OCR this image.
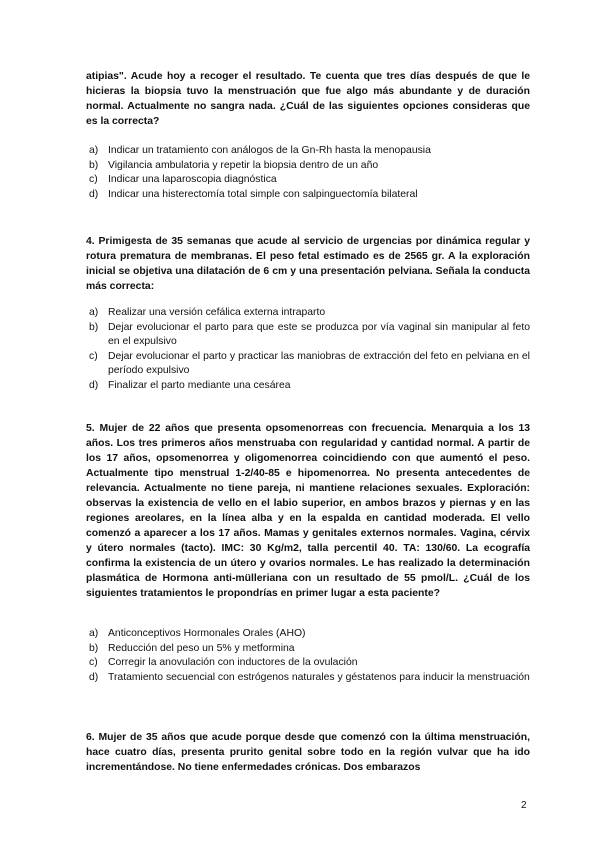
atipias". Acude hoy a recoger el resultado. Te cuenta que tres días después de que le hicieras la biopsia tuvo la menstruación que fue algo más abundante y de duración normal. Actualmente no sangra nada. ¿Cuál de las siguientes opciones consideras que es la correcta?
a) Indicar un tratamiento con análogos de la Gn-Rh hasta la menopausia
b) Vigilancia ambulatoria y repetir la biopsia dentro de un año
c) Indicar una laparoscopia diagnóstica
d) Indicar una histerectomía total simple con salpinguectomía bilateral
4. Primigesta de 35 semanas que acude al servicio de urgencias por dinámica regular y rotura prematura de membranas. El peso fetal estimado es de 2565 gr. A la exploración inicial se objetiva una dilatación de 6 cm y una presentación pelviana. Señala la conducta más correcta:
a) Realizar una versión cefálica externa intraparto
b) Dejar evolucionar el parto para que este se produzca por vía vaginal sin manipular al feto en el expulsivo
c) Dejar evolucionar el parto y practicar las maniobras de extracción del feto en pelviana en el período expulsivo
d) Finalizar el parto mediante una cesárea
5. Mujer de 22 años que presenta opsomenorreas con frecuencia. Menarquia a los 13 años. Los tres primeros años menstruaba con regularidad y cantidad normal. A partir de los 17 años, opsomenorrea y oligomenorrea coincidiendo con que aumentó el peso. Actualmente tipo menstrual 1-2/40-85 e hipomenorrea. No presenta antecedentes de relevancia. Actualmente no tiene pareja, ni mantiene relaciones sexuales. Exploración: observas la existencia de vello en el labio superior, en ambos brazos y piernas y en las regiones areolares, en la línea alba y en la espalda en cantidad moderada. El vello comenzó a aparecer a los 17 años. Mamas y genitales externos normales. Vagina, cérvix y útero normales (tacto). IMC: 30 Kg/m2, talla percentil 40. TA: 130/60. La ecografía confirma la existencia de un útero y ovarios normales. Le has realizado la determinación plasmática de Hormona anti-mülleriana con un resultado de 55 pmol/L. ¿Cuál de los siguientes tratamientos le propondrías en primer lugar a esta paciente?
a) Anticonceptivos Hormonales Orales (AHO)
b) Reducción del peso un 5% y metformina
c) Corregir la anovulación con inductores de la ovulación
d) Tratamiento secuencial con estrógenos naturales y géstatenos para inducir la menstruación
6. Mujer de 35 años que acude porque desde que comenzó con la última menstruación, hace cuatro días, presenta prurito genital sobre todo en la región vulvar que ha ido incrementándose. No tiene enfermedades crónicas. Dos embarazos
2
